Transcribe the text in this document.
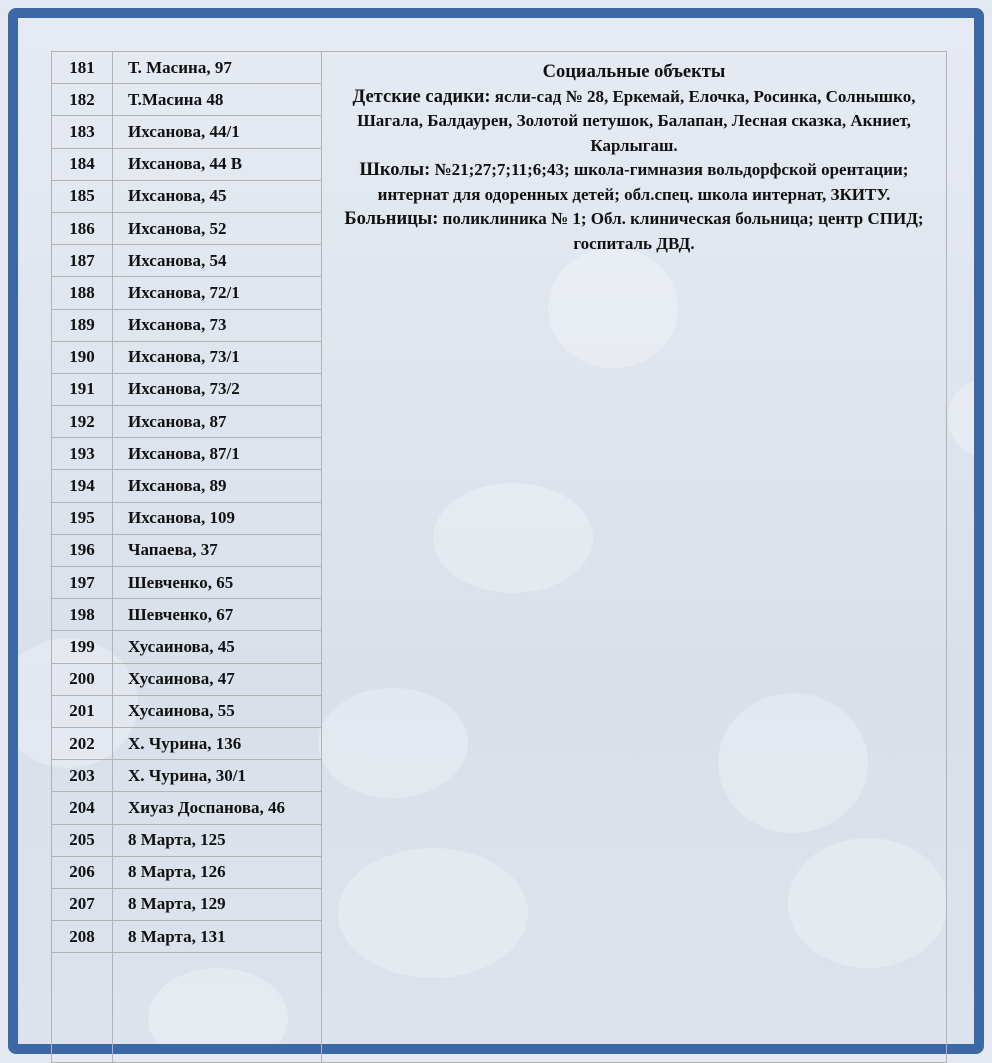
181	Т. Масина, 97	Социальные объекты
Детские садики: ясли-сад № 28, Еркемай, Елочка, Росинка, Солнышко, Шагала, Балдаурен, Золотой петушок, Балапан, Лесная сказка, Акниет, Карлыгаш.
Школы: №21;27;7;11;6;43; школа-гимназия вольдорфской орентации; интернат для одоренных детей; обл.спец. школа интернат, ЗКИТУ.
Больницы: поликлиника № 1; Обл. клиническая больница; центр СПИД; госпиталь ДВД.

182	Т.Масина 48	
183	Ихсанова, 44/1	
184	Ихсанова, 44 В	
185	Ихсанова, 45	
186	Ихсанова, 52	
187	Ихсанова, 54	
188	Ихсанова, 72/1	
189	Ихсанова, 73	
190	Ихсанова, 73/1	
191	Ихсанова, 73/2	
192	Ихсанова, 87	
193	Ихсанова, 87/1	
194	Ихсанова, 89	
195	Ихсанова, 109	
196	Чапаева, 37	
197	Шевченко, 65	
198	Шевченко, 67	
199	Хусаинова, 45	
200	Хусаинова, 47	
201	Хусаинова, 55	
202	Х. Чурина, 136	
203	Х. Чурина, 30/1	
204	Хиуаз Доспанова, 46	
205	8 Марта, 125	
206	8 Марта, 126	
207	8 Марта, 129	
208	8 Марта, 131	
